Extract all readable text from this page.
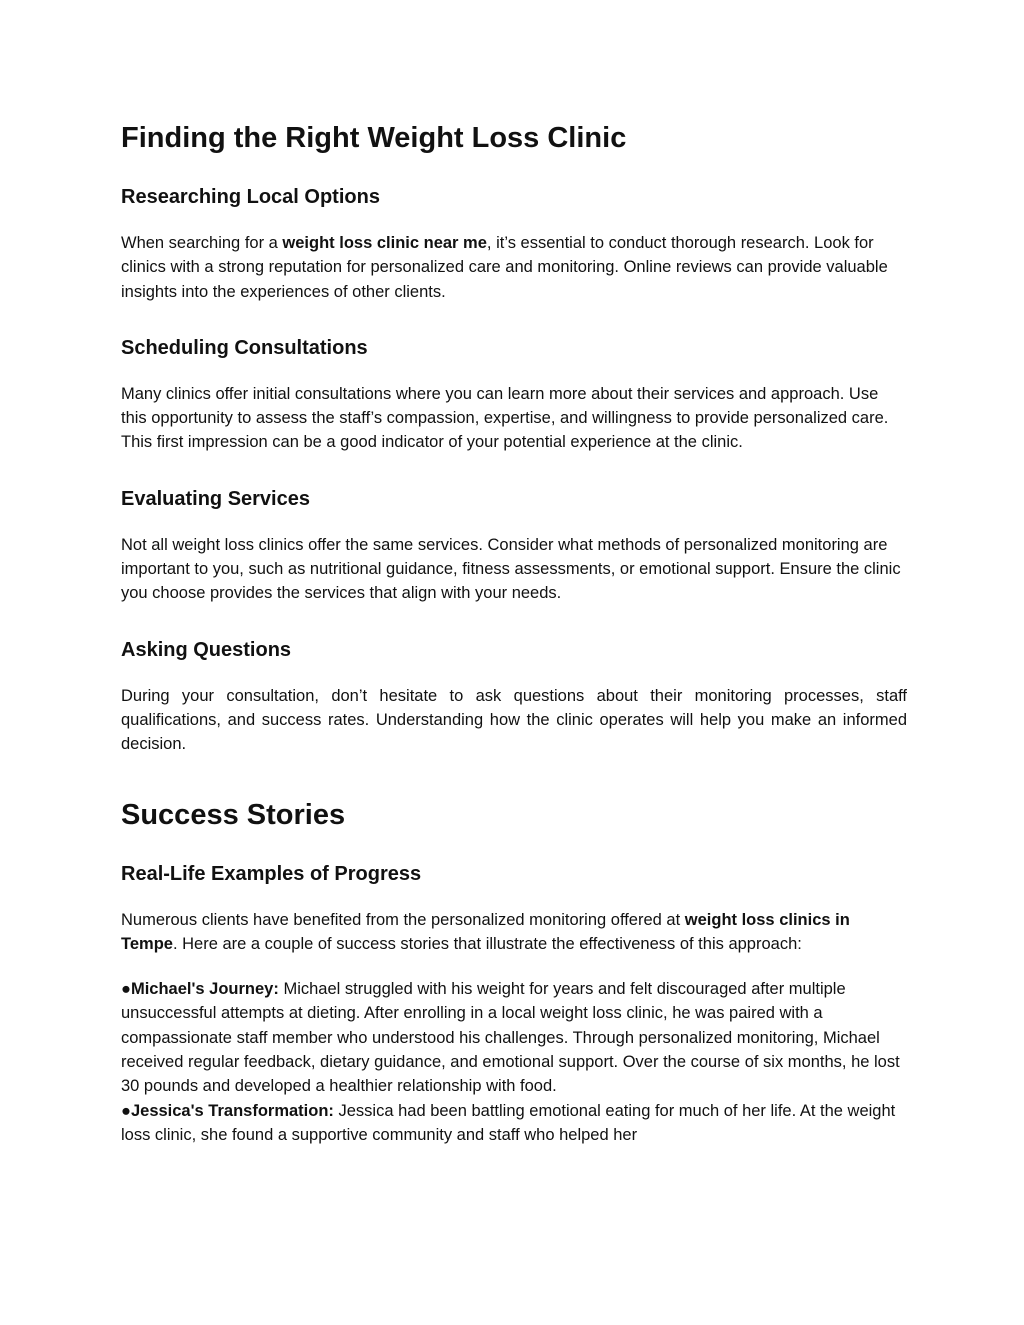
Finding the Right Weight Loss Clinic
Researching Local Options

When searching for a weight loss clinic near me, it’s essential to conduct thorough research. Look for clinics with a strong reputation for personalized care and monitoring. Online reviews can provide valuable insights into the experiences of other clients.

Scheduling Consultations

Many clinics offer initial consultations where you can learn more about their services and approach. Use this opportunity to assess the staff’s compassion, expertise, and willingness to provide personalized care. This first impression can be a good indicator of your potential experience at the clinic.

Evaluating Services

Not all weight loss clinics offer the same services. Consider what methods of personalized monitoring are important to you, such as nutritional guidance, fitness assessments, or emotional support. Ensure the clinic you choose provides the services that align with your needs.

Asking Questions

During your consultation, don’t hesitate to ask questions about their monitoring processes, staff qualifications, and success rates. Understanding how the clinic operates will help you make an informed decision.

Success Stories
Real-Life Examples of Progress

Numerous clients have benefited from the personalized monitoring offered at weight loss clinics in Tempe. Here are a couple of success stories that illustrate the effectiveness of this approach:

●Michael's Journey: Michael struggled with his weight for years and felt discouraged after multiple unsuccessful attempts at dieting. After enrolling in a local weight loss clinic, he was paired with a compassionate staff member who understood his challenges. Through personalized monitoring, Michael received regular feedback, dietary guidance, and emotional support. Over the course of six months, he lost 30 pounds and developed a healthier relationship with food.

●Jessica's Transformation: Jessica had been battling emotional eating for much of her life. At the weight loss clinic, she found a supportive community and staff who helped her
